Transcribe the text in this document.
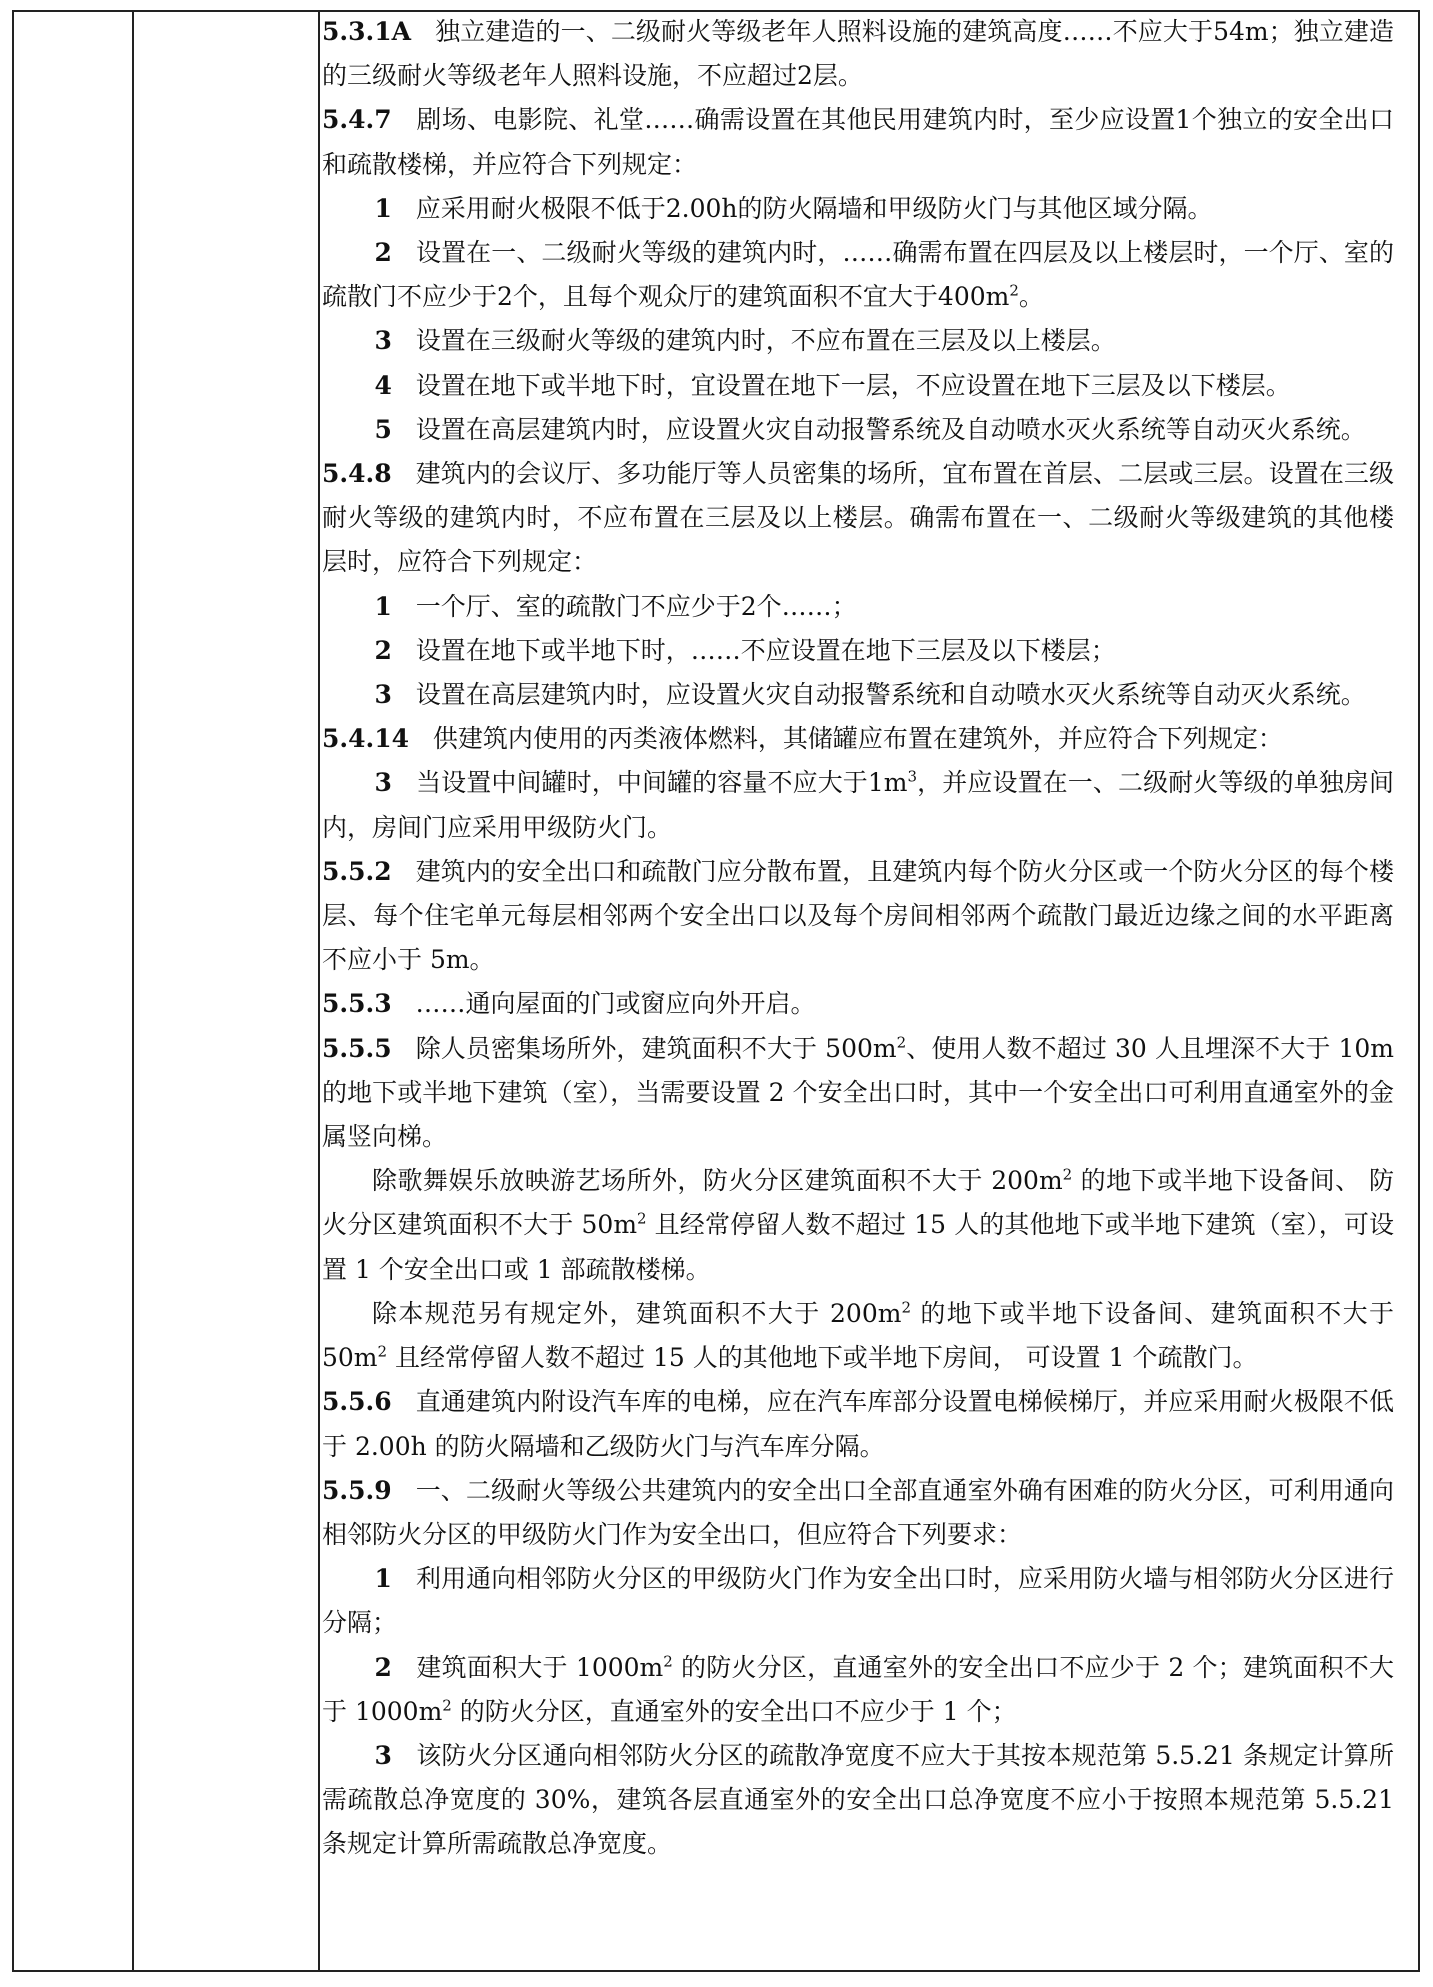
5.3.1A 独立建造的一、二级耐火等级老年人照料设施的建筑高度……不应大于54m；独立建造的三级耐火等级老年人照料设施，不应超过2层。

5.4.7 剧场、电影院、礼堂……确需设置在其他民用建筑内时，至少应设置1个独立的安全出口和疏散楼梯，并应符合下列规定：

1 应采用耐火极限不低于2.00h的防火隔墙和甲级防火门与其他区域分隔。

2 设置在一、二级耐火等级的建筑内时，……确需布置在四层及以上楼层时，一个厅、室的疏散门不应少于2个，且每个观众厅的建筑面积不宜大于$400m^2$。

3 设置在三级耐火等级的建筑内时，不应布置在三层及以上楼层。

4 设置在地下或半地下时，宜设置在地下一层，不应设置在地下三层及以下楼层。

5 设置在高层建筑内时，应设置火灾自动报警系统及自动喷水灭火系统等自动灭火系统。

5.4.8 建筑内的会议厅、多功能厅等人员密集的场所，宜布置在首层、二层或三层。设置在三级耐火等级的建筑内时，不应布置在三层及以上楼层。确需布置在一、二级耐火等级建筑的其他楼层时，应符合下列规定：

1 一个厅、室的疏散门不应少于2个……；

2 设置在地下或半地下时，……不应设置在地下三层及以下楼层；

3 设置在高层建筑内时，应设置火灾自动报警系统和自动喷水灭火系统等自动灭火系统。

5.4.14 供建筑内使用的丙类液体燃料，其储罐应布置在建筑外，并应符合下列规定：

3 当设置中间罐时，中间罐的容量不应大于$1m^3$，并应设置在一、二级耐火等级的单独房间内，房间门应采用甲级防火门。

5.5.2 建筑内的安全出口和疏散门应分散布置，且建筑内每个防火分区或一个防火分区的每个楼层、每个住宅单元每层相邻两个安全出口以及每个房间相邻两个疏散门最近边缘之间的水平距离不应小于 5m。

5.5.3 ……通向屋面的门或窗应向外开启。

5.5.5 除人员密集场所外，建筑面积不大于 $500m^2$、使用人数不超过 30 人且埋深不大于 10m 的地下或半地下建筑（室），当需要设置 2 个安全出口时，其中一个安全出口可利用直通室外的金属竖向梯。

除歌舞娱乐放映游艺场所外，防火分区建筑面积不大于 $200m^2$ 的地下或半地下设备间、 防火分区建筑面积不大于 $50m^2$ 且经常停留人数不超过 15 人的其他地下或半地下建筑（室），可设置 1 个安全出口或 1 部疏散楼梯。

除本规范另有规定外，建筑面积不大于 $200m^2$ 的地下或半地下设备间、建筑面积不大于 $50m^2$ 且经常停留人数不超过 15 人的其他地下或半地下房间， 可设置 1 个疏散门。

5.5.6 直通建筑内附设汽车库的电梯，应在汽车库部分设置电梯候梯厅，并应采用耐火极限不低于 2.00h 的防火隔墙和乙级防火门与汽车库分隔。

5.5.9 一、二级耐火等级公共建筑内的安全出口全部直通室外确有困难的防火分区，可利用通向相邻防火分区的甲级防火门作为安全出口，但应符合下列要求：

1 利用通向相邻防火分区的甲级防火门作为安全出口时，应采用防火墙与相邻防火分区进行分隔；

2 建筑面积大于 $1000m^2$ 的防火分区，直通室外的安全出口不应少于 2 个；建筑面积不大于 $1000m^2$ 的防火分区，直通室外的安全出口不应少于 1 个；

3 该防火分区通向相邻防火分区的疏散净宽度不应大于其按本规范第 5.5.21 条规定计算所需疏散总净宽度的 30%，建筑各层直通室外的安全出口总净宽度不应小于按照本规范第 5.5.21 条规定计算所需疏散总净宽度。
